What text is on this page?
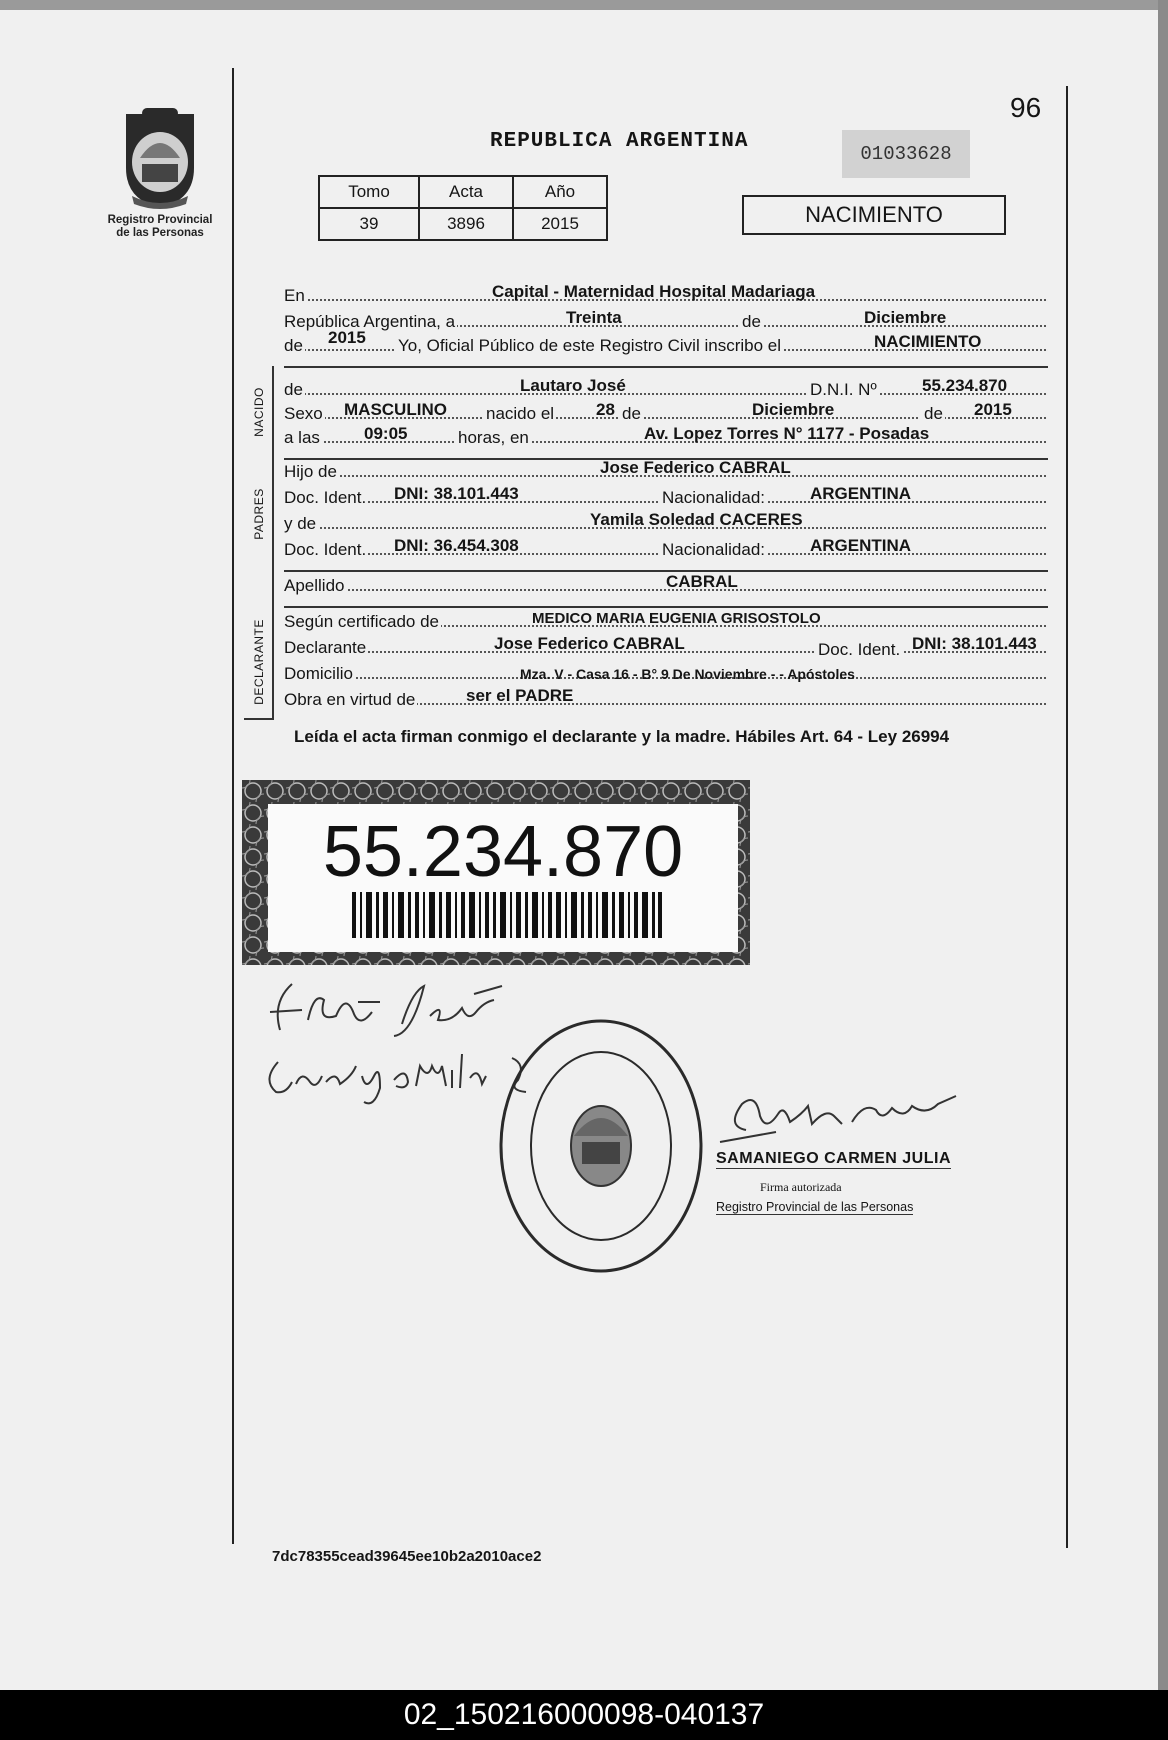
Registro Provincial
de las Personas
96
REPUBLICA ARGENTINA
01033628
Tomo	Acta	Año
39	3896	2015	NACIMIENTO
En	Capital - Maternidad Hospital Madariaga
República Argentina, a	Treinta	de	Diciembre
de 2015 Yo, Oficial Público de este Registro Civil inscribo el	NACIMIENTO
NACIDO de	Lautaro José	D.N.I. Nº	55.234.870
Sexo MASCULINO nacido el 28 de	Diciembre	de 2015
a las	09:05	horas, en	Av. Lopez Torres N° 1177 - Posadas
PADRES
Hijo de	Jose Federico CABRAL
Doc. Ident. DNI: 38.101.443	Nacionalidad:	ARGENTINA
y de	Yamila Soledad CACERES
Doc. Ident. DNI: 36.454.308	Nacionalidad:	ARGENTINA
Apellido	CABRAL
DECLARANTE Según certificado de	MEDICO MARIA EUGENIA GRISOSTOLO
Declarante	Jose Federico CABRAL	Doc. Ident. DNI: 38.101.443
Domicilio	Mza. V - Casa 16 - B° 9 De Noviembre - - Apóstoles
Obra en virtud de	ser el PADRE
Leída el acta firman conmigo el declarante y la madre. Hábiles Art. 64 - Ley 26994
55.234.870
SAMANIEGO CARMEN JULIA
Firma autorizada
Registro Provincial de las Personas
7dc78355cead39645ee10b2a2010ace2
02_150216000098-040137
